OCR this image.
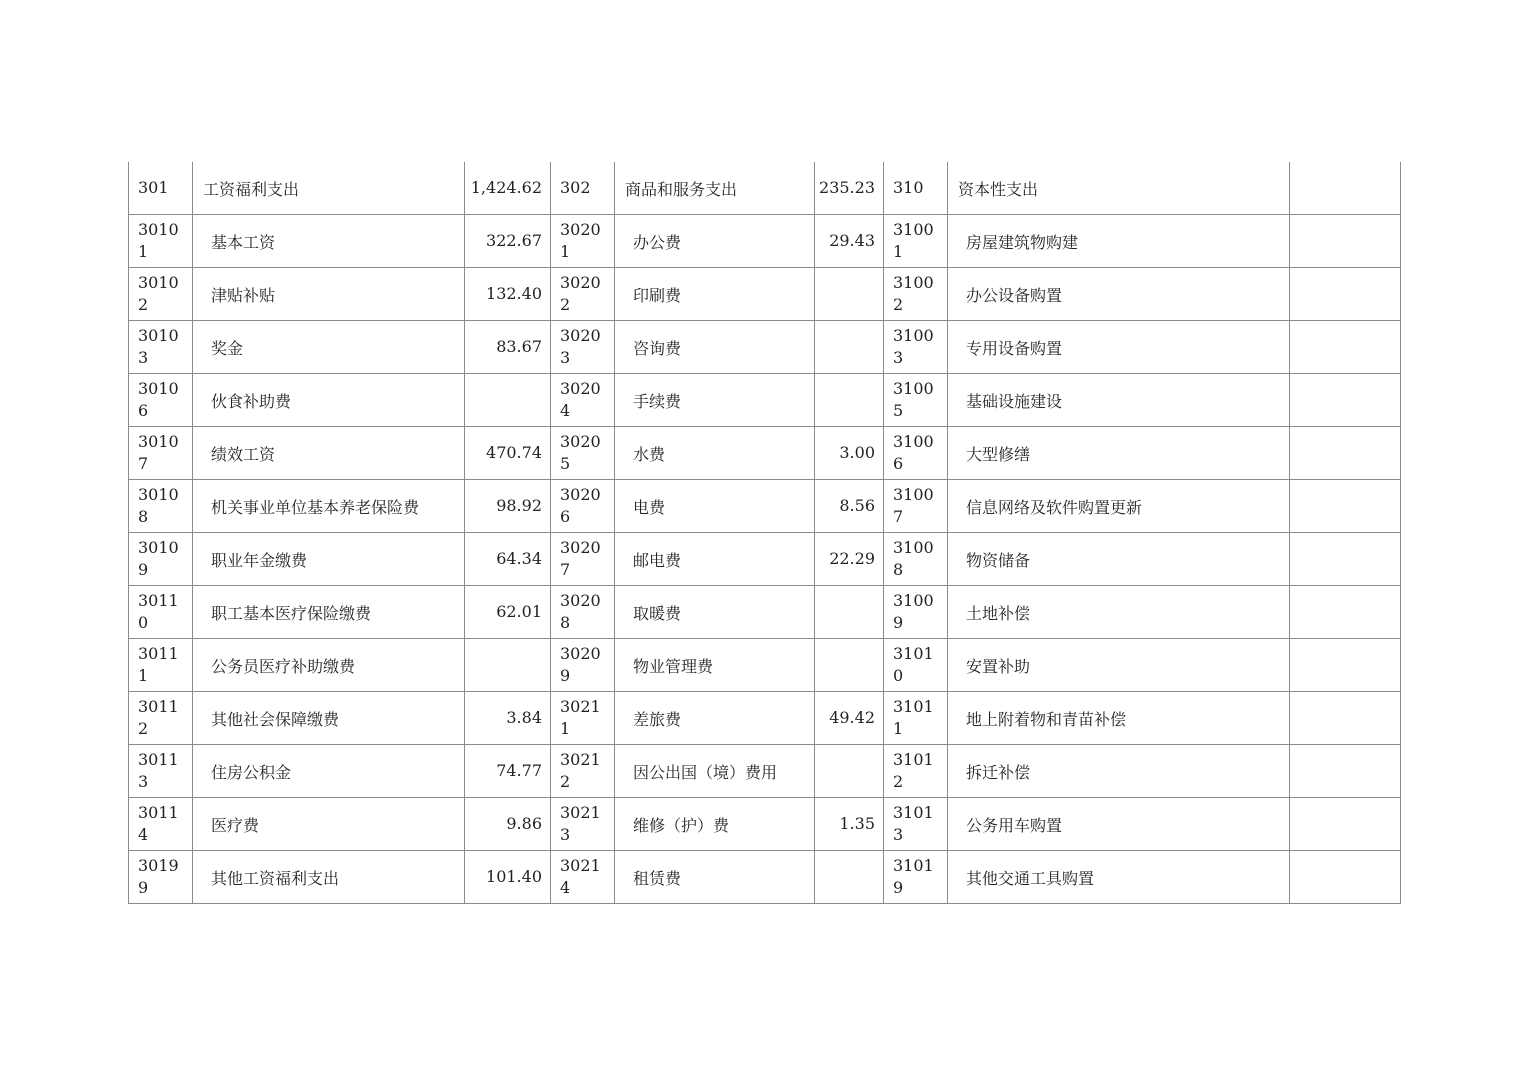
301	工资福利支出	1,424.62	302	商品和服务支出	235.23	310	资本性支出	
30101	基本工资	322.67	30201	办公费	29.43	31001	房屋建筑物购建	
30102	津贴补贴	132.40	30202	印刷费		31002	办公设备购置	
30103	奖金	83.67	30203	咨询费		31003	专用设备购置	
30106	伙食补助费		30204	手续费		31005	基础设施建设	
30107	绩效工资	470.74	30205	水费	3.00	31006	大型修缮	
30108	机关事业单位基本养老保险费	98.92	30206	电费	8.56	31007	信息网络及软件购置更新	
30109	职业年金缴费	64.34	30207	邮电费	22.29	31008	物资储备	
30110	职工基本医疗保险缴费	62.01	30208	取暖费		31009	土地补偿	
30111	公务员医疗补助缴费		30209	物业管理费		31010	安置补助	
30112	其他社会保障缴费	3.84	30211	差旅费	49.42	31011	地上附着物和青苗补偿	
30113	住房公积金	74.77	30212	因公出国（境）费用		31012	拆迁补偿	
30114	医疗费	9.86	30213	维修（护）费	1.35	31013	公务用车购置	
30199	其他工资福利支出	101.40	30214	租赁费		31019	其他交通工具购置	
